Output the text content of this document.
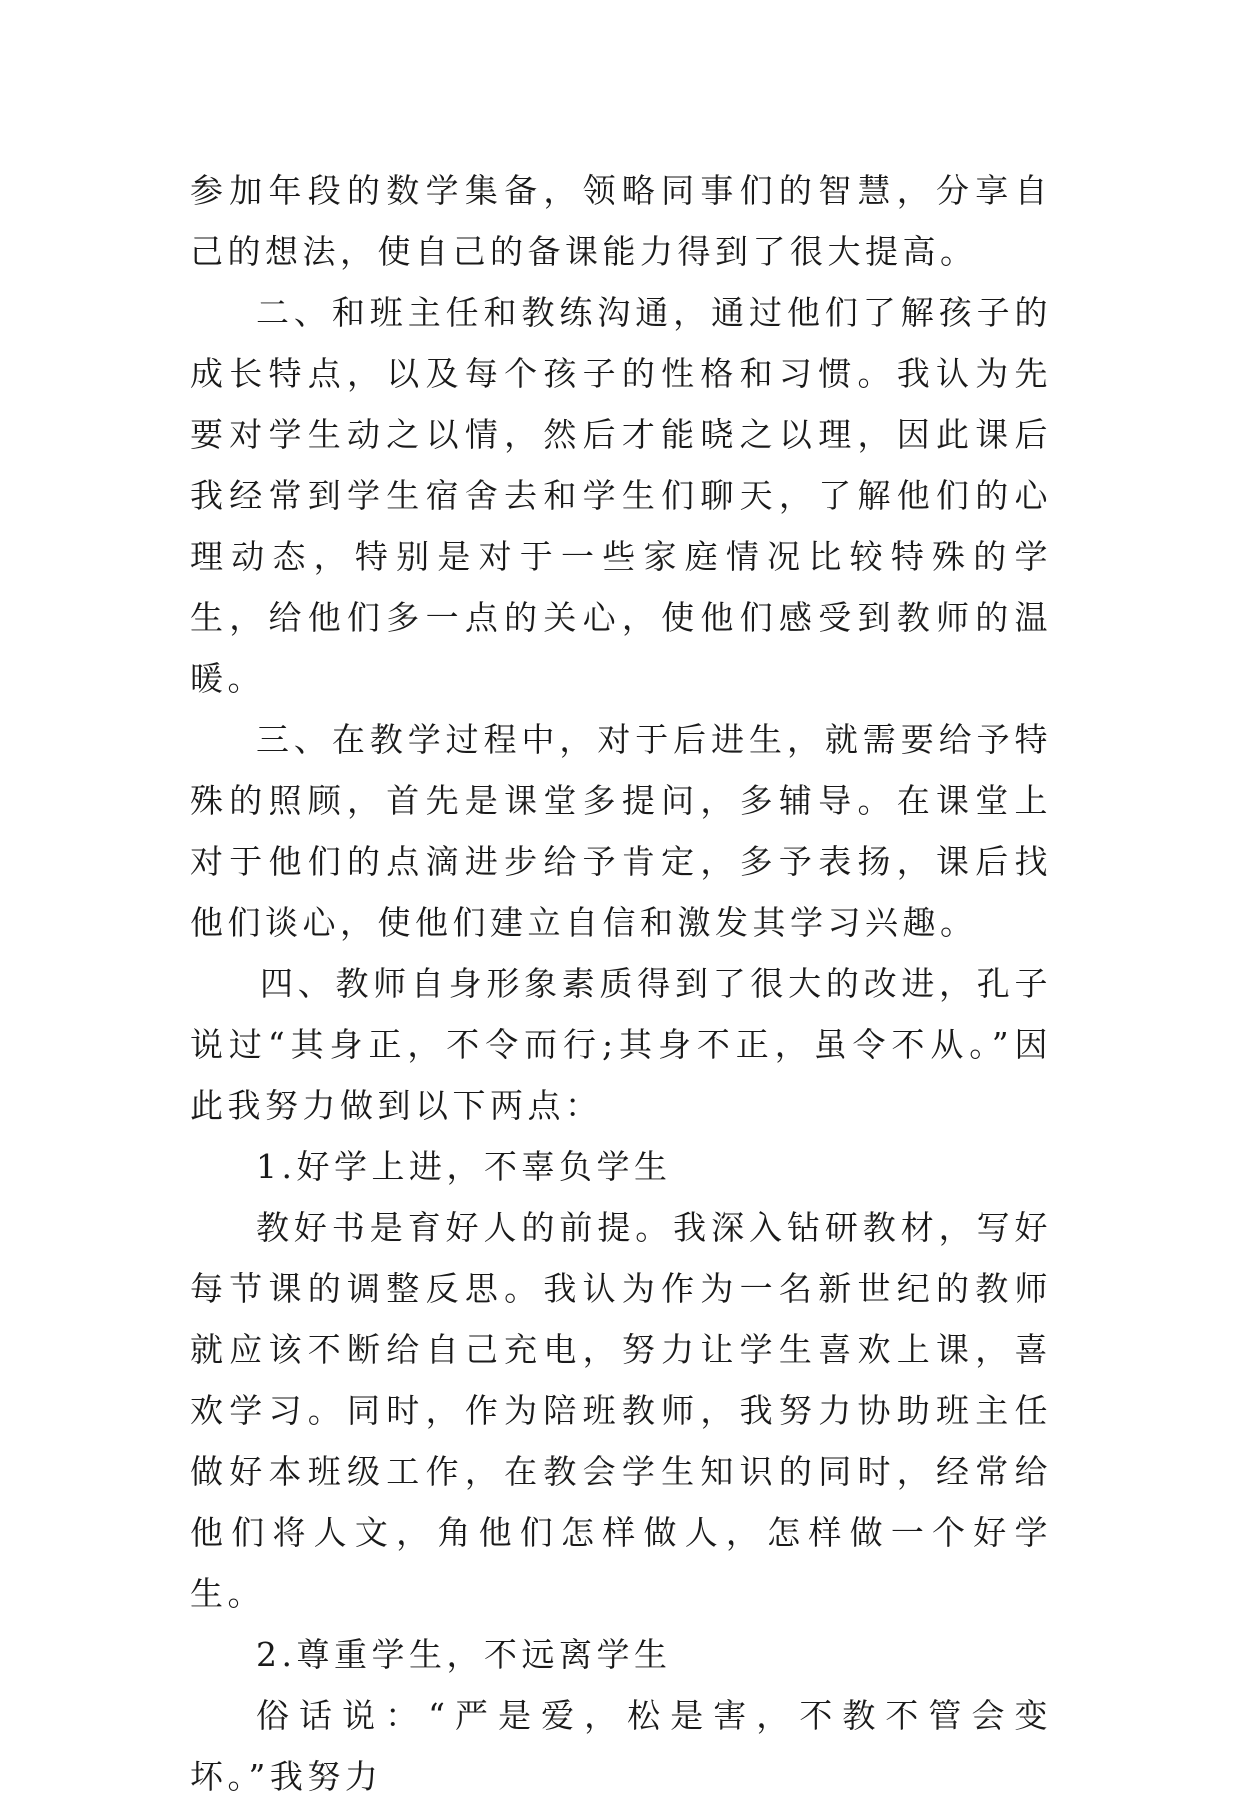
参加年段的数学集备，领略同事们的智慧，分享自己的想法，使自己的备课能力得到了很大提高。

二、和班主任和教练沟通，通过他们了解孩子的成长特点，以及每个孩子的性格和习惯。我认为先要对学生动之以情，然后才能晓之以理，因此课后我经常到学生宿舍去和学生们聊天，了解他们的心理动态，特别是对于一些家庭情况比较特殊的学生，给他们多一点的关心，使他们感受到教师的温暖。

三、在教学过程中，对于后进生，就需要给予特殊的照顾，首先是课堂多提问，多辅导。在课堂上对于他们的点滴进步给予肯定，多予表扬，课后找他们谈心，使他们建立自信和激发其学习兴趣。

四、教师自身形象素质得到了很大的改进，孔子说过“其身正，不令而行;其身不正，虽令不从。”因此我努力做到以下两点：

1.好学上进，不辜负学生

教好书是育好人的前提。我深入钻研教材，写好每节课的调整反思。我认为作为一名新世纪的教师就应该不断给自己充电，努力让学生喜欢上课，喜欢学习。同时，作为陪班教师，我努力协助班主任做好本班级工作，在教会学生知识的同时，经常给他们将人文，角他们怎样做人，怎样做一个好学生。

2.尊重学生，不远离学生

俗话说：“严是爱，松是害，不教不管会变坏。”我努力
